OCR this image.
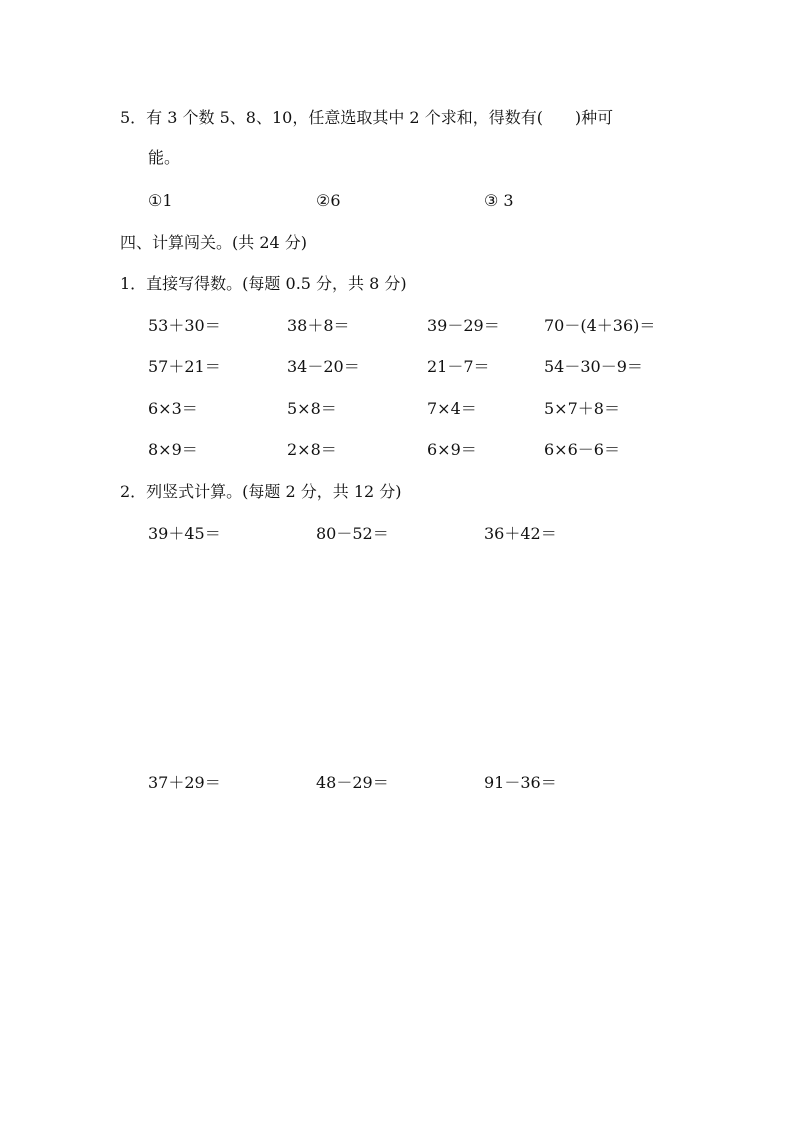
5．有 3 个数 5、8、10，任意选取其中 2 个求和，得数有(　　)种可
能。
①1	②6	③ 3
四、计算闯关。(共 24 分)
1．直接写得数。(每题 0.5 分，共 8 分)
53＋30＝	38＋8＝	39－29＝	70－(4＋36)＝
57＋21＝	34－20＝	21－7＝	54－30－9＝
6×3＝	5×8＝	7×4＝	5×7＋8＝
8×9＝	2×8＝	6×9＝	6×6－6＝
2．列竖式计算。(每题 2 分，共 12 分)
39＋45＝	80－52＝	36＋42＝
37＋29＝	48－29＝	91－36＝
